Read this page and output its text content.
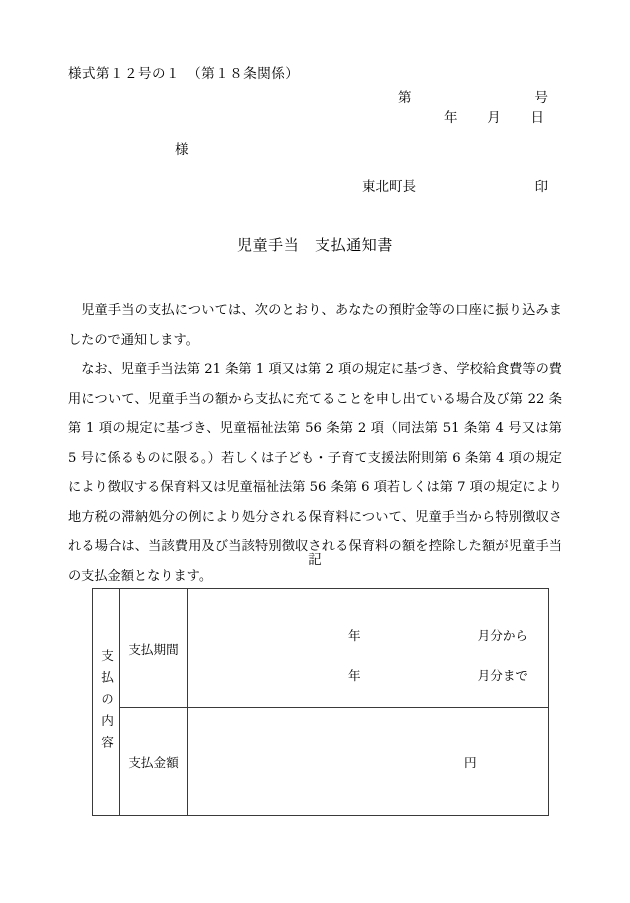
様式第１２号の１　（第１８条関係）
第	号
年 月 日
様
東北町長	印
児童手当　支払通知書

児童手当の支払については、次のとおり、あなたの預貯金等の口座に振り込みましたので通知します。

なお、児童手当法第 21 条第 1 項又は第 2 項の規定に基づき、学校給食費等の費用について、児童手当の額から支払に充てることを申し出ている場合及び第 22 条第 1 項の規定に基づき、児童福祉法第 56 条第 2 項（同法第 51 条第 4 号又は第 5 号に係るものに限る。）若しくは子ども・子育て支援法附則第 6 条第 4 項の規定により徴収する保育料又は児童福祉法第 56 条第 6 項若しくは第 7 項の規定により地方税の滞納処分の例により処分される保育料について、児童手当から特別徴収される場合は、当該費用及び当該特別徴収される保育料の額を控除した額が児童手当の支払金額となります。

記
支払の内容	支払期間	年 月分から
年 月分まで

	支払金額	円
